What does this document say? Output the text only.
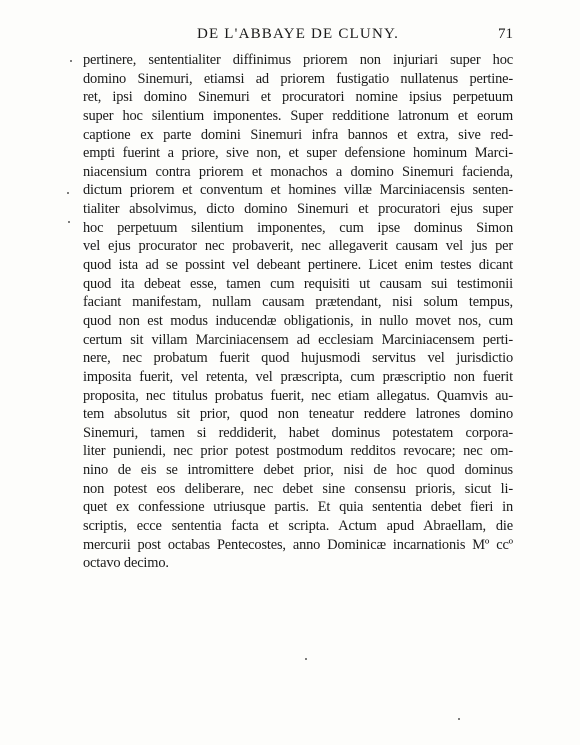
DE L'ABBAYE DE CLUNY.	71
pertinere, sententialiter diffinimus priorem non injuriari super hoc
domino Sinemuri, etiamsi ad priorem fustigatio nullatenus pertine-
ret, ipsi domino Sinemuri et procuratori nomine ipsius perpetuum
super hoc silentium imponentes. Super redditione latronum et eorum
captione ex parte domini Sinemuri infra bannos et extra, sive red-
empti fuerint a priore, sive non, et super defensione hominum Marci-
niacensium contra priorem et monachos a domino Sinemuri facienda,
dictum priorem et conventum et homines villæ Marciniacensis senten-
tialiter absolvimus, dicto domino Sinemuri et procuratori ejus super
hoc perpetuum silentium imponentes, cum ipse dominus Simon
vel ejus procurator nec probaverit, nec allegaverit causam vel jus per
quod ista ad se possint vel debeant pertinere. Licet enim testes dicant
quod ita debeat esse, tamen cum requisiti ut causam sui testimonii
faciant manifestam, nullam causam prætendant, nisi solum tempus,
quod non est modus inducendæ obligationis, in nullo movet nos, cum
certum sit villam Marciniacensem ad ecclesiam Marciniacensem perti-
nere, nec probatum fuerit quod hujusmodi servitus vel jurisdictio
imposita fuerit, vel retenta, vel præscripta, cum præscriptio non fuerit
proposita, nec titulus probatus fuerit, nec etiam allegatus. Quamvis au-
tem absolutus sit prior, quod non teneatur reddere latrones domino
Sinemuri, tamen si reddiderit, habet dominus potestatem corpora-
liter puniendi, nec prior potest postmodum redditos revocare; nec om-
nino de eis se intromittere debet prior, nisi de hoc quod dominus
non potest eos deliberare, nec debet sine consensu prioris, sicut li-
quet ex confessione utriusque partis. Et quia sententia debet fieri in
scriptis, ecce sententia facta et scripta. Actum apud Abraellam, die
mercurii post octabas Pentecostes, anno Dominicæ incarnationis Mº ccº
octavo decimo.
